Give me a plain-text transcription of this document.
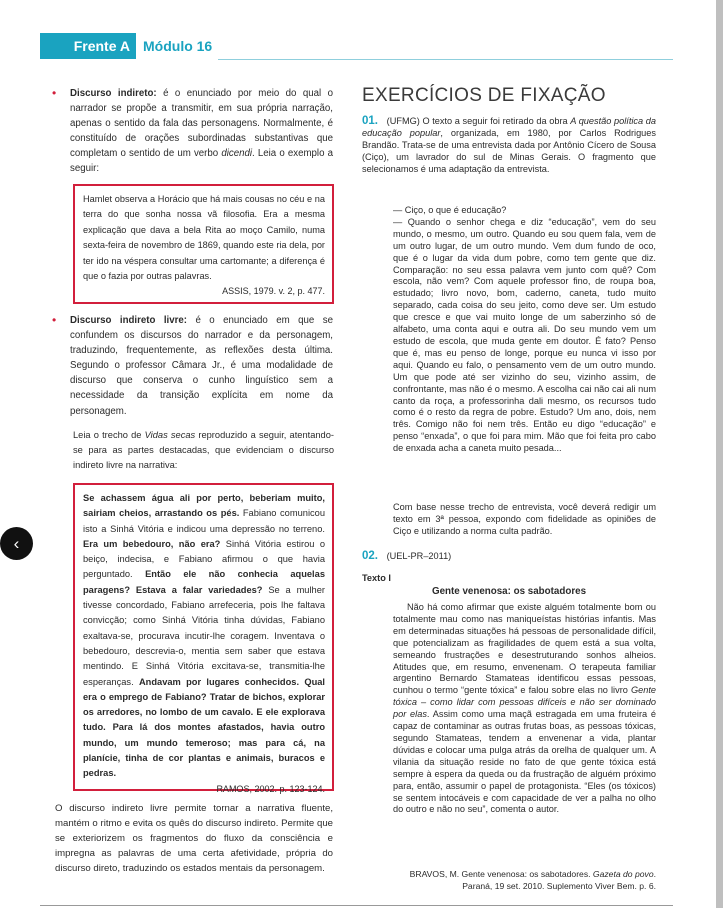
Frente A Módulo 16
• Discurso indireto: é o enunciado por meio do qual o narrador se propõe a transmitir, em sua própria narração, apenas o sentido da fala das personagens. Normalmente, é constituído de orações subordinadas substantivas que completam o sentido de um verbo dicendi. Leia o exemplo a seguir:

Hamlet observa a Horácio que há mais cousas no céu e na terra do que sonha nossa vã filosofia. Era a mesma explicação que dava a bela Rita ao moço Camilo, numa sexta-feira de novembro de 1869, quando este ria dela, por ter ido na véspera consultar uma cartomante; a diferença é que o fazia por outras palavras.

ASSIS, 1979. v. 2, p. 477.

• Discurso indireto livre: é o enunciado em que se confundem os discursos do narrador e da personagem, traduzindo, frequentemente, as reflexões desta última. Segundo o professor Câmara Jr., é uma modalidade de discurso que conserva o cunho linguístico sem a necessidade da transição explícita em nome da personagem.
Leia o trecho de Vidas secas reproduzido a seguir, atentando-se para as partes destacadas, que evidenciam o discurso indireto livre na narrativa:

Se achassem água ali por perto, beberiam muito, sairiam cheios, arrastando os pés. Fabiano comunicou isto a Sinhá Vitória e indicou uma depressão no terreno. Era um bebedouro, não era? Sinhá Vitória estirou o beiço, indecisa, e Fabiano afirmou o que havia perguntado. Então ele não conhecia aquelas paragens? Estava a falar variedades? Se a mulher tivesse concordado, Fabiano arrefeceria, pois lhe faltava convicção; como Sinhá Vitória tinha dúvidas, Fabiano exaltava-se, procurava incutir-lhe coragem. Inventava o bebedouro, descrevia-o, mentia sem saber que estava mentindo. E Sinhá Vitória excitava-se, transmitia-lhe esperanças. Andavam por lugares conhecidos. Qual era o emprego de Fabiano? Tratar de bichos, explorar os arredores, no lombo de um cavalo. E ele explorava tudo. Para lá dos montes afastados, havia outro mundo, um mundo temeroso; mas para cá, na planície, tinha de cor plantas e animais, buracos e pedras.

RAMOS, 2002. p. 123-124.

O discurso indireto livre permite tornar a narrativa fluente, mantém o ritmo e evita os quês do discurso indireto. Permite que se exteriorizem os fragmentos do fluxo da consciência e impregna as palavras de uma certa afetividade, própria do discurso direto, traduzindo os estados mentais da personagem.
EXERCÍCIOS DE FIXAÇÃO
01. (UFMG) O texto a seguir foi retirado da obra A questão política da educação popular, organizada, em 1980, por Carlos Rodrigues Brandão. Trata-se de uma entrevista dada por Antônio Cícero de Sousa (Ciço), um lavrador do sul de Minas Gerais. O fragmento que selecionamos é uma adaptação da entrevista.

— Ciço, o que é educação?

— Quando o senhor chega e diz “educação”, vem do seu mundo, o mesmo, um outro. Quando eu sou quem fala, vem de um outro lugar, de um outro mundo. Vem dum fundo de oco, que é o lugar da vida dum pobre, como tem gente que diz. Comparação: no seu essa palavra vem junto com quê? Com escola, não vem? Com aquele professor fino, de roupa boa, estudado; livro novo, bom, caderno, caneta, tudo muito separado, cada coisa do seu jeito, como deve ser. Um estudo que cresce e que vai muito longe de um saberzinho só de alfabeto, uma conta aqui e outra ali. Do seu mundo vem um estudo de escola, que muda gente em doutor. É fato? Penso que é, mas eu penso de longe, porque eu nunca vi isso por aqui. Quando eu falo, o pensamento vem de um outro mundo. Um que pode até ser vizinho do seu, vizinho assim, de confrontante, mas não é o mesmo. A escolha cai não cai ali num canto da roça, a professorinha dali mesmo, os recursos tudo como é o resto da regra de pobre. Estudo? Um ano, dois, nem três. Comigo não foi nem três. Então eu digo “educação” e penso “enxada”, o que foi para mim. Mão que foi feita pro cabo de enxada acha a caneta muito pesada...

Com base nesse trecho de entrevista, você deverá redigir um texto em 3ª pessoa, expondo com fidelidade as opiniões de Ciço e utilizando a norma culta padrão.
02. (UEL-PR–2011)
Texto I
Gente venenosa: os sabotadores
Não há como afirmar que existe alguém totalmente bom ou totalmente mau como nas maniqueístas histórias infantis. Mas em determinadas situações há pessoas de personalidade difícil, que potencializam as fragilidades de quem está a sua volta, semeando frustrações e desestruturando sonhos alheios. Atitudes que, em resumo, envenenam. O terapeuta familiar argentino Bernardo Stamateas identificou essas pessoas, cunhou o termo “gente tóxica” e falou sobre elas no livro Gente tóxica – como lidar com pessoas difíceis e não ser dominado por elas. Assim como uma maçã estragada em uma fruteira é capaz de contaminar as outras frutas boas, as pessoas tóxicas, segundo Stamateas, tendem a envenenar a vida, plantar dúvidas e colocar uma pulga atrás da orelha de qualquer um. A vilania da situação reside no fato de que gente tóxica está sempre à espera da queda ou da frustração de alguém próximo para, então, assumir o papel de protagonista. “Eles (os tóxicos) se sentem intocáveis e com capacidade de ver a palha no olho do outro e não no seu”, comenta o autor.
BRAVOS, M. Gente venenosa: os sabotadores. Gazeta do povo.
Paraná, 19 set. 2010. Suplemento Viver Bem. p. 6.
‹
